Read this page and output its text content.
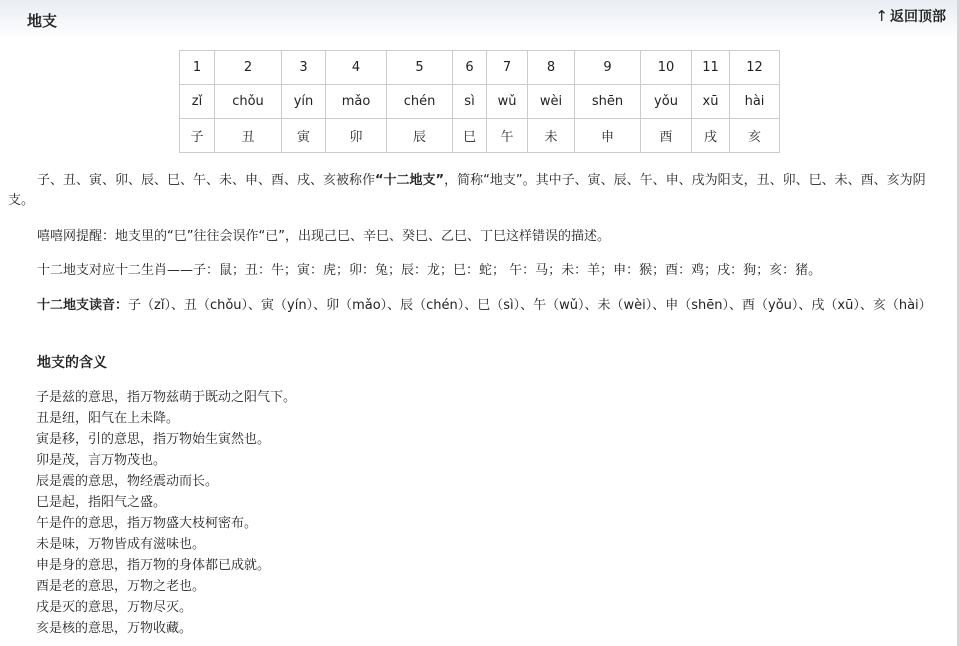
地支	↑ 返回顶部
1	2	3	4	5	6	7	8	9	10	11	12
zǐ	chǒu	yín	mǎo	chén	sì	wǔ	wèi	shēn	yǒu	xū	hài
子	丑	寅	卯	辰	巳	午	未	申	酉	戌	亥

子、丑、寅、卯、辰、巳、午、未、申、酉、戌、亥被称作“十二地支”，简称“地支”。其中子、寅、辰、午、申、戌为阳支，丑、卯、巳、未、酉、亥为阴支。

嘻嘻网提醒：地支里的“巳”往往会误作“已”，出现己巳、辛巳、癸巳、乙巳、丁巳这样错误的描述。

十二地支对应十二生肖——子：鼠；丑：牛；寅：虎；卯：兔；辰：龙；巳：蛇； 午：马；未：羊；申：猴；酉：鸡；戌：狗；亥：猪。

十二地支读音：子（zǐ）、丑（chǒu）、寅（yín）、卯（mǎo）、辰（chén）、巳（sì）、午（wǔ）、未（wèi）、申（shēn）、酉（yǒu）、戌（xū）、亥（hài）

地支的含义
子是兹的意思，指万物兹萌于既动之阳气下。
丑是纽，阳气在上未降。
寅是移，引的意思，指万物始生寅然也。
卯是茂，言万物茂也。
辰是震的意思，物经震动而长。
巳是起，指阳气之盛。
午是仵的意思，指万物盛大枝柯密布。
未是味，万物皆成有滋味也。
申是身的意思，指万物的身体都已成就。
酉是老的意思，万物之老也。
戌是灭的意思，万物尽灭。
亥是核的意思，万物收藏。
